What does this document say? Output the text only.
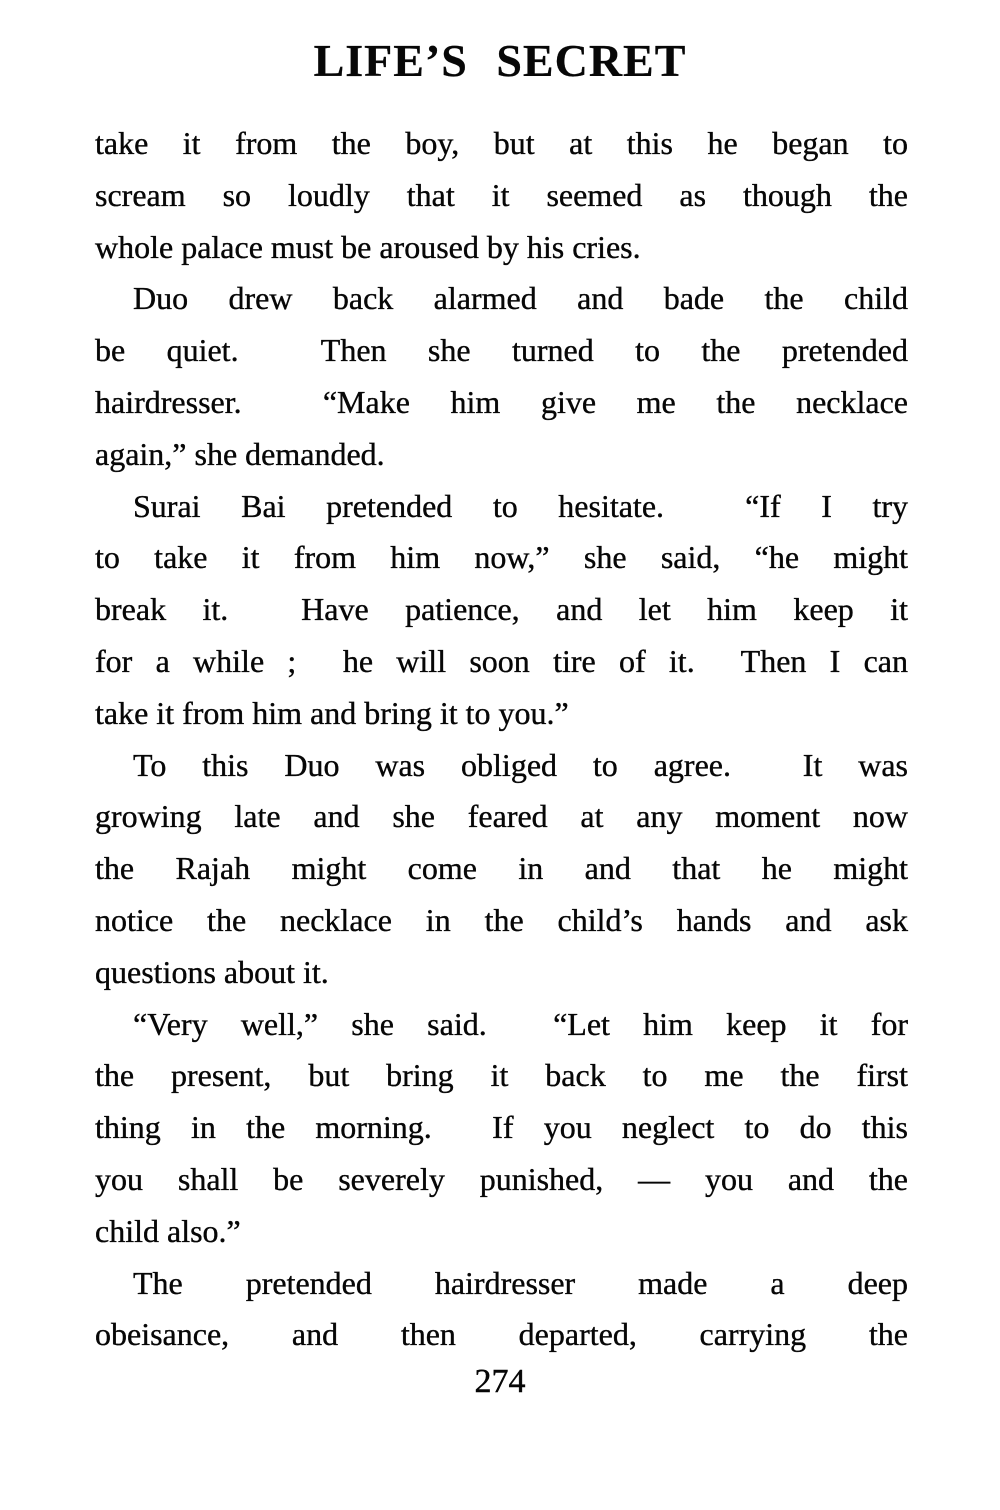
LIFE’S SECRET
take it from the boy, but at this he began to
scream so loudly that it seemed as though the
whole palace must be aroused by his cries.
Duo drew back alarmed and bade the child
be quiet.  Then she turned to the pretended
hairdresser.  “Make him give me the necklace
again,” she demanded.
Surai Bai pretended to hesitate.  “If I try
to take it from him now,” she said, “he might
break it.  Have patience, and let him keep it
for a while ;  he will soon tire of it.  Then I can
take it from him and bring it to you.”
To this Duo was obliged to agree.  It was
growing late and she feared at any moment now
the Rajah might come in and that he might
notice the necklace in the child’s hands and ask
questions about it.
“Very well,” she said.  “Let him keep it for
the present, but bring it back to me the first
thing in the morning.  If you neglect to do this
you shall be severely punished, — you and the
child also.”
The pretended hairdresser made a deep
obeisance, and then departed, carrying the
274
